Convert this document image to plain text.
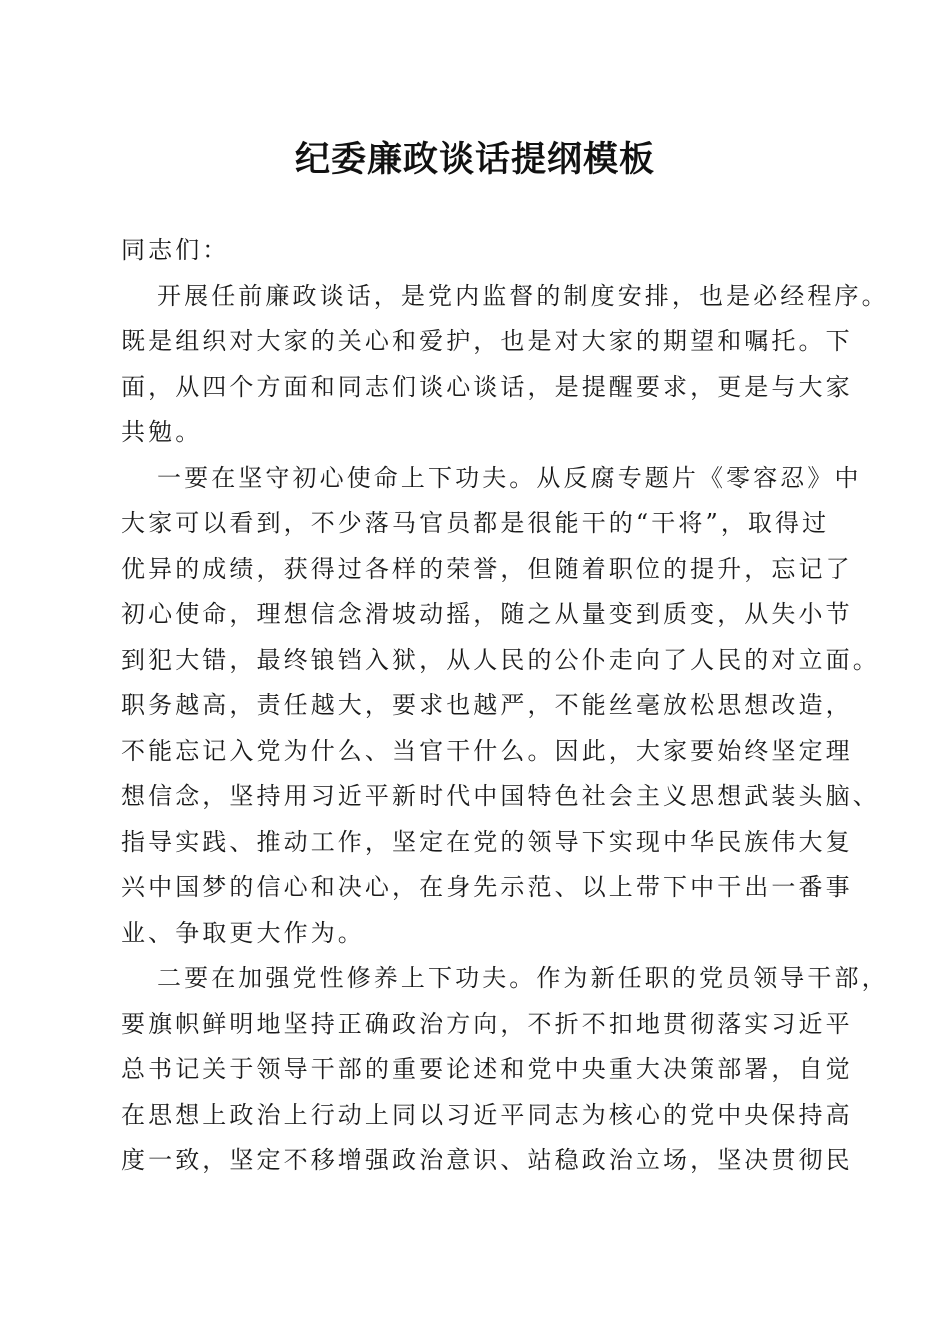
纪委廉政谈话提纲模板

同志们：

开展任前廉政谈话，是党内监督的制度安排，也是必经程序。
既是组织对大家的关心和爱护，也是对大家的期望和嘱托。下
面，从四个方面和同志们谈心谈话，是提醒要求，更是与大家
共勉。

一要在坚守初心使命上下功夫。从反腐专题片《零容忍》中
大家可以看到，不少落马官员都是很能干的“干将”，取得过
优异的成绩，获得过各样的荣誉，但随着职位的提升，忘记了
初心使命，理想信念滑坡动摇，随之从量变到质变，从失小节
到犯大错，最终锒铛入狱，从人民的公仆走向了人民的对立面。
职务越高，责任越大，要求也越严，不能丝毫放松思想改造，
不能忘记入党为什么、当官干什么。因此，大家要始终坚定理
想信念，坚持用习近平新时代中国特色社会主义思想武装头脑、
指导实践、推动工作，坚定在党的领导下实现中华民族伟大复
兴中国梦的信心和决心，在身先示范、以上带下中干出一番事
业、争取更大作为。

二要在加强党性修养上下功夫。作为新任职的党员领导干部，
要旗帜鲜明地坚持正确政治方向，不折不扣地贯彻落实习近平
总书记关于领导干部的重要论述和党中央重大决策部署，自觉
在思想上政治上行动上同以习近平同志为核心的党中央保持高
度一致，坚定不移增强政治意识、站稳政治立场，坚决贯彻民
